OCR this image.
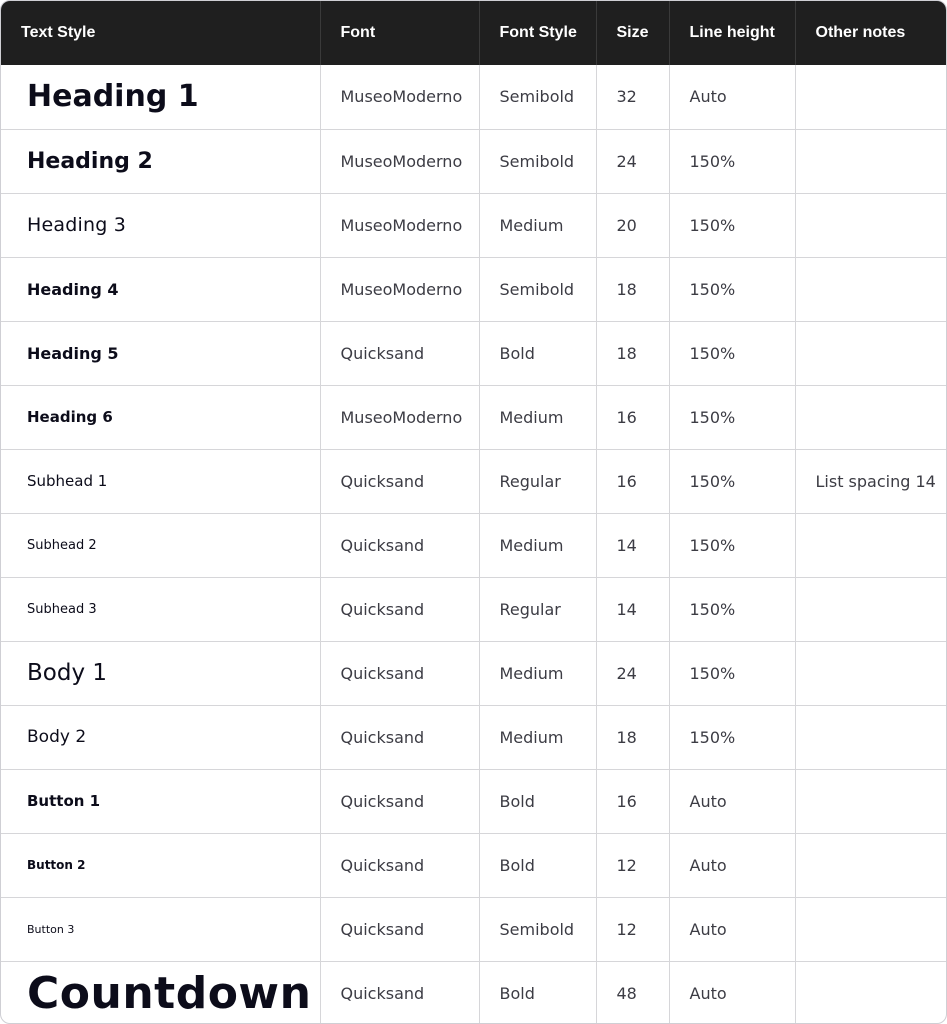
Text Style	Font	Font Style	Size	Line height	Other notes
Heading 1	MuseoModerno	Semibold	32	Auto	
Heading 2	MuseoModerno	Semibold	24	150%	
Heading 3	MuseoModerno	Medium	20	150%	
Heading 4	MuseoModerno	Semibold	18	150%	
Heading 5	Quicksand	Bold	18	150%	
Heading 6	MuseoModerno	Medium	16	150%	
Subhead 1	Quicksand	Regular	16	150%	List spacing 14
Subhead 2	Quicksand	Medium	14	150%	
Subhead 3	Quicksand	Regular	14	150%	
Body 1	Quicksand	Medium	24	150%	
Body 2	Quicksand	Medium	18	150%	
Button 1	Quicksand	Bold	16	Auto	
Button 2	Quicksand	Bold	12	Auto	
Button 3	Quicksand	Semibold	12	Auto	
Countdown	Quicksand	Bold	48	Auto	
